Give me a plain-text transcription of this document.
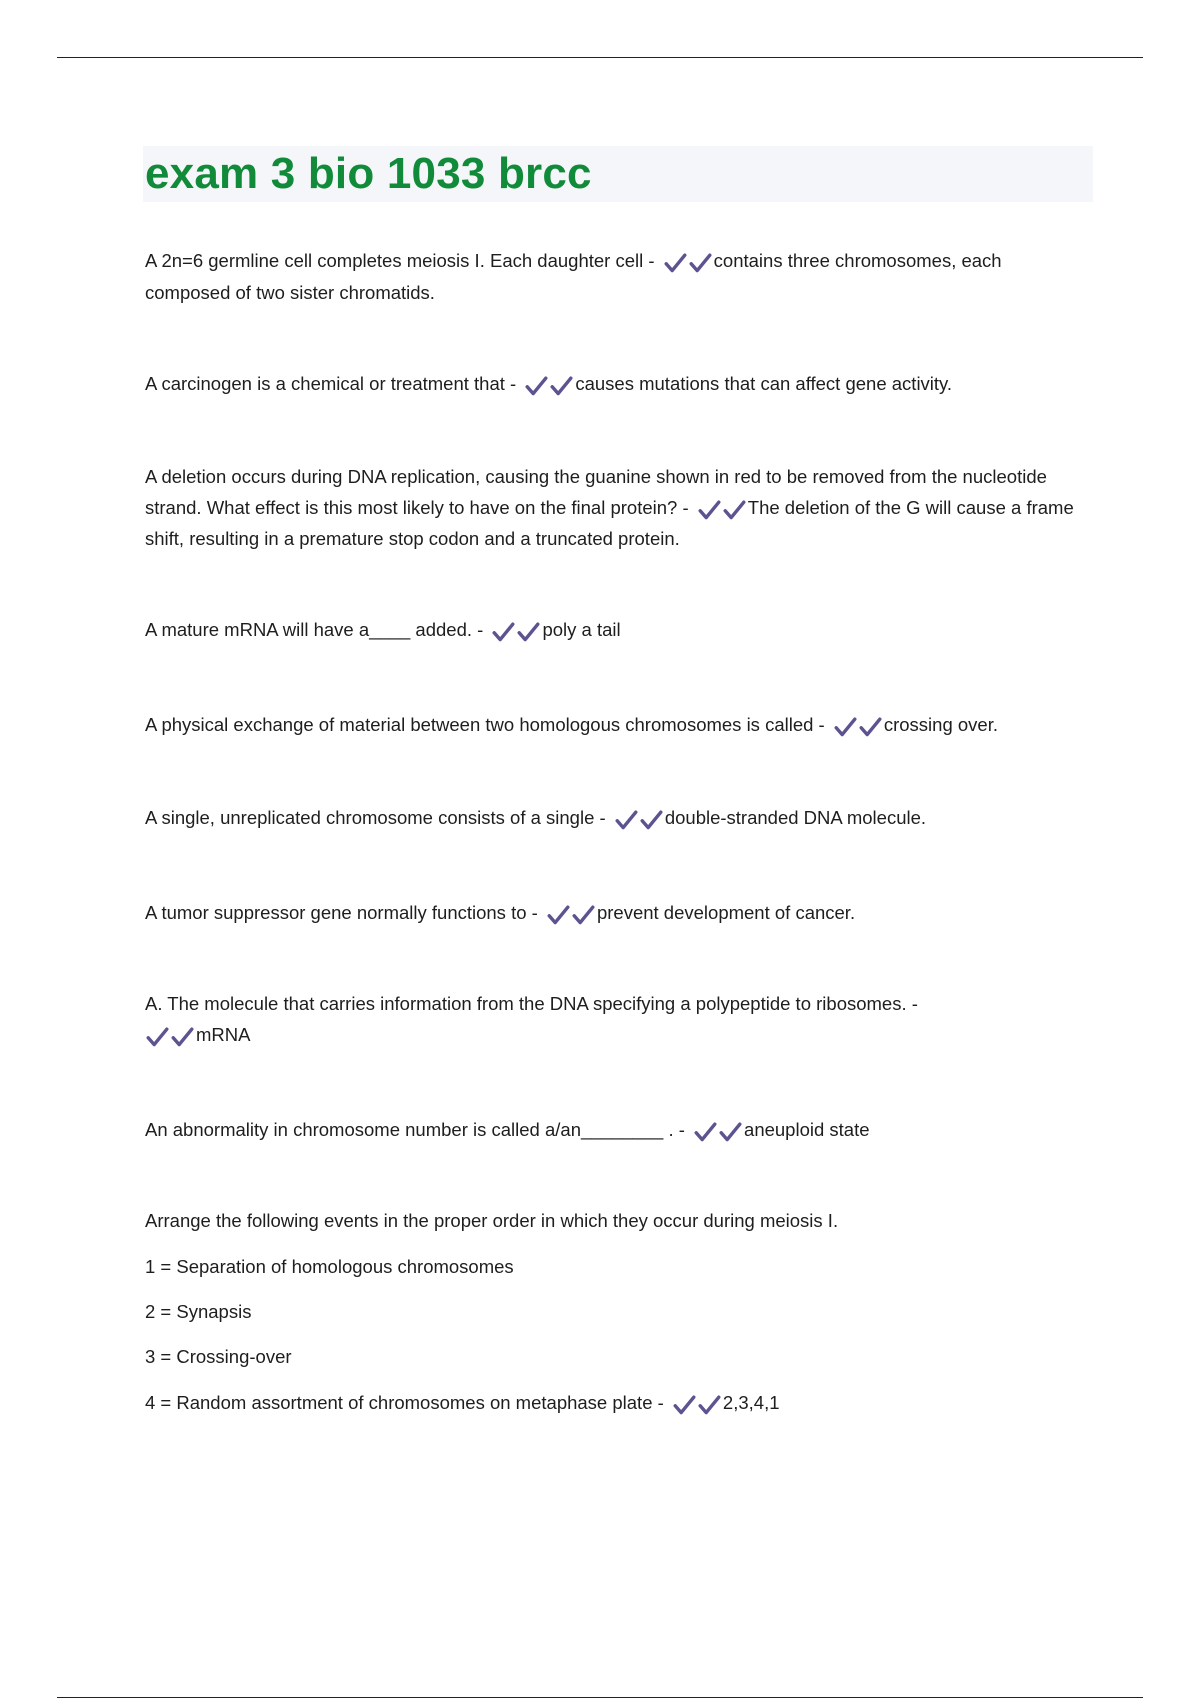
exam 3 bio 1033 brcc

A 2n=6 germline cell completes meiosis I. Each daughter cell -	contains three chromosomes, each composed of two sister chromatids.

A carcinogen is a chemical or treatment that -	causes mutations that can affect gene activity.

A deletion occurs during DNA replication, causing the guanine shown in red to be removed from the nucleotide strand. What effect is this most likely to have on the final protein? -	The deletion of the G will cause a frame shift, resulting in a premature stop codon and a truncated protein.

A mature mRNA will have a____ added. -	poly a tail

A physical exchange of material between two homologous chromosomes is called -	crossing over.

A single, unreplicated chromosome consists of a single -	double-stranded DNA molecule.

A tumor suppressor gene normally functions to -	prevent development of cancer.

A. The molecule that carries information from the DNA specifying a polypeptide to ribosomes. -

mRNA

An abnormality in chromosome number is called a/an________ . -	aneuploid state

Arrange the following events in the proper order in which they occur during meiosis I.

1 = Separation of homologous chromosomes

2 = Synapsis

3 = Crossing-over

4 = Random assortment of chromosomes on metaphase plate -	2,3,4,1
